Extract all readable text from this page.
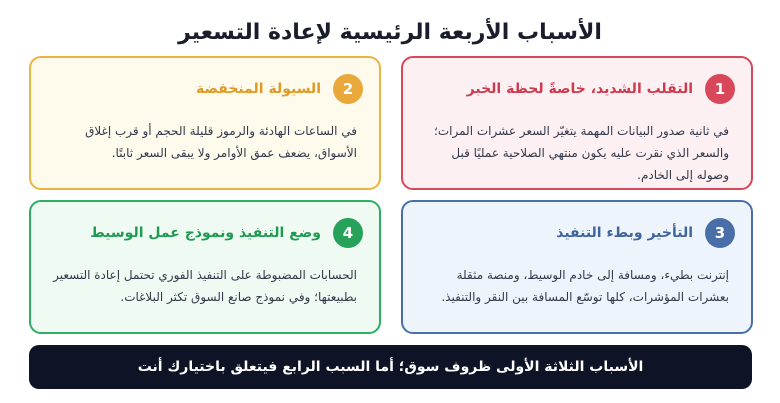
الأسباب الأربعة الرئيسية لإعادة التسعير
1
التقلب الشديد، خاصةً لحظة الخبر

في ثانية صدور البيانات المهمة يتغيّر السعر عشرات المرات؛ والسعر الذي نقرت عليه يكون منتهي الصلاحية عمليًا قبل وصوله إلى الخادم.

2
السيولة المنخفضة

في الساعات الهادئة والرموز قليلة الحجم أو قرب إغلاق الأسواق، يضعف عمق الأوامر ولا يبقى السعر ثابتًا.

3
التأخير وبطء التنفيذ

إنترنت بطيء، ومسافة إلى خادم الوسيط، ومنصة مثقلة بعشرات المؤشرات، كلها توسّع المسافة بين النقر والتنفيذ.

4
وضع التنفيذ ونموذج عمل الوسيط

الحسابات المضبوطة على التنفيذ الفوري تحتمل إعادة التسعير بطبيعتها؛ وفي نموذج صانع السوق تكثر البلاغات.

الأسباب الثلاثة الأولى ظروف سوق؛ أما السبب الرابع فيتعلق باختيارك أنت
